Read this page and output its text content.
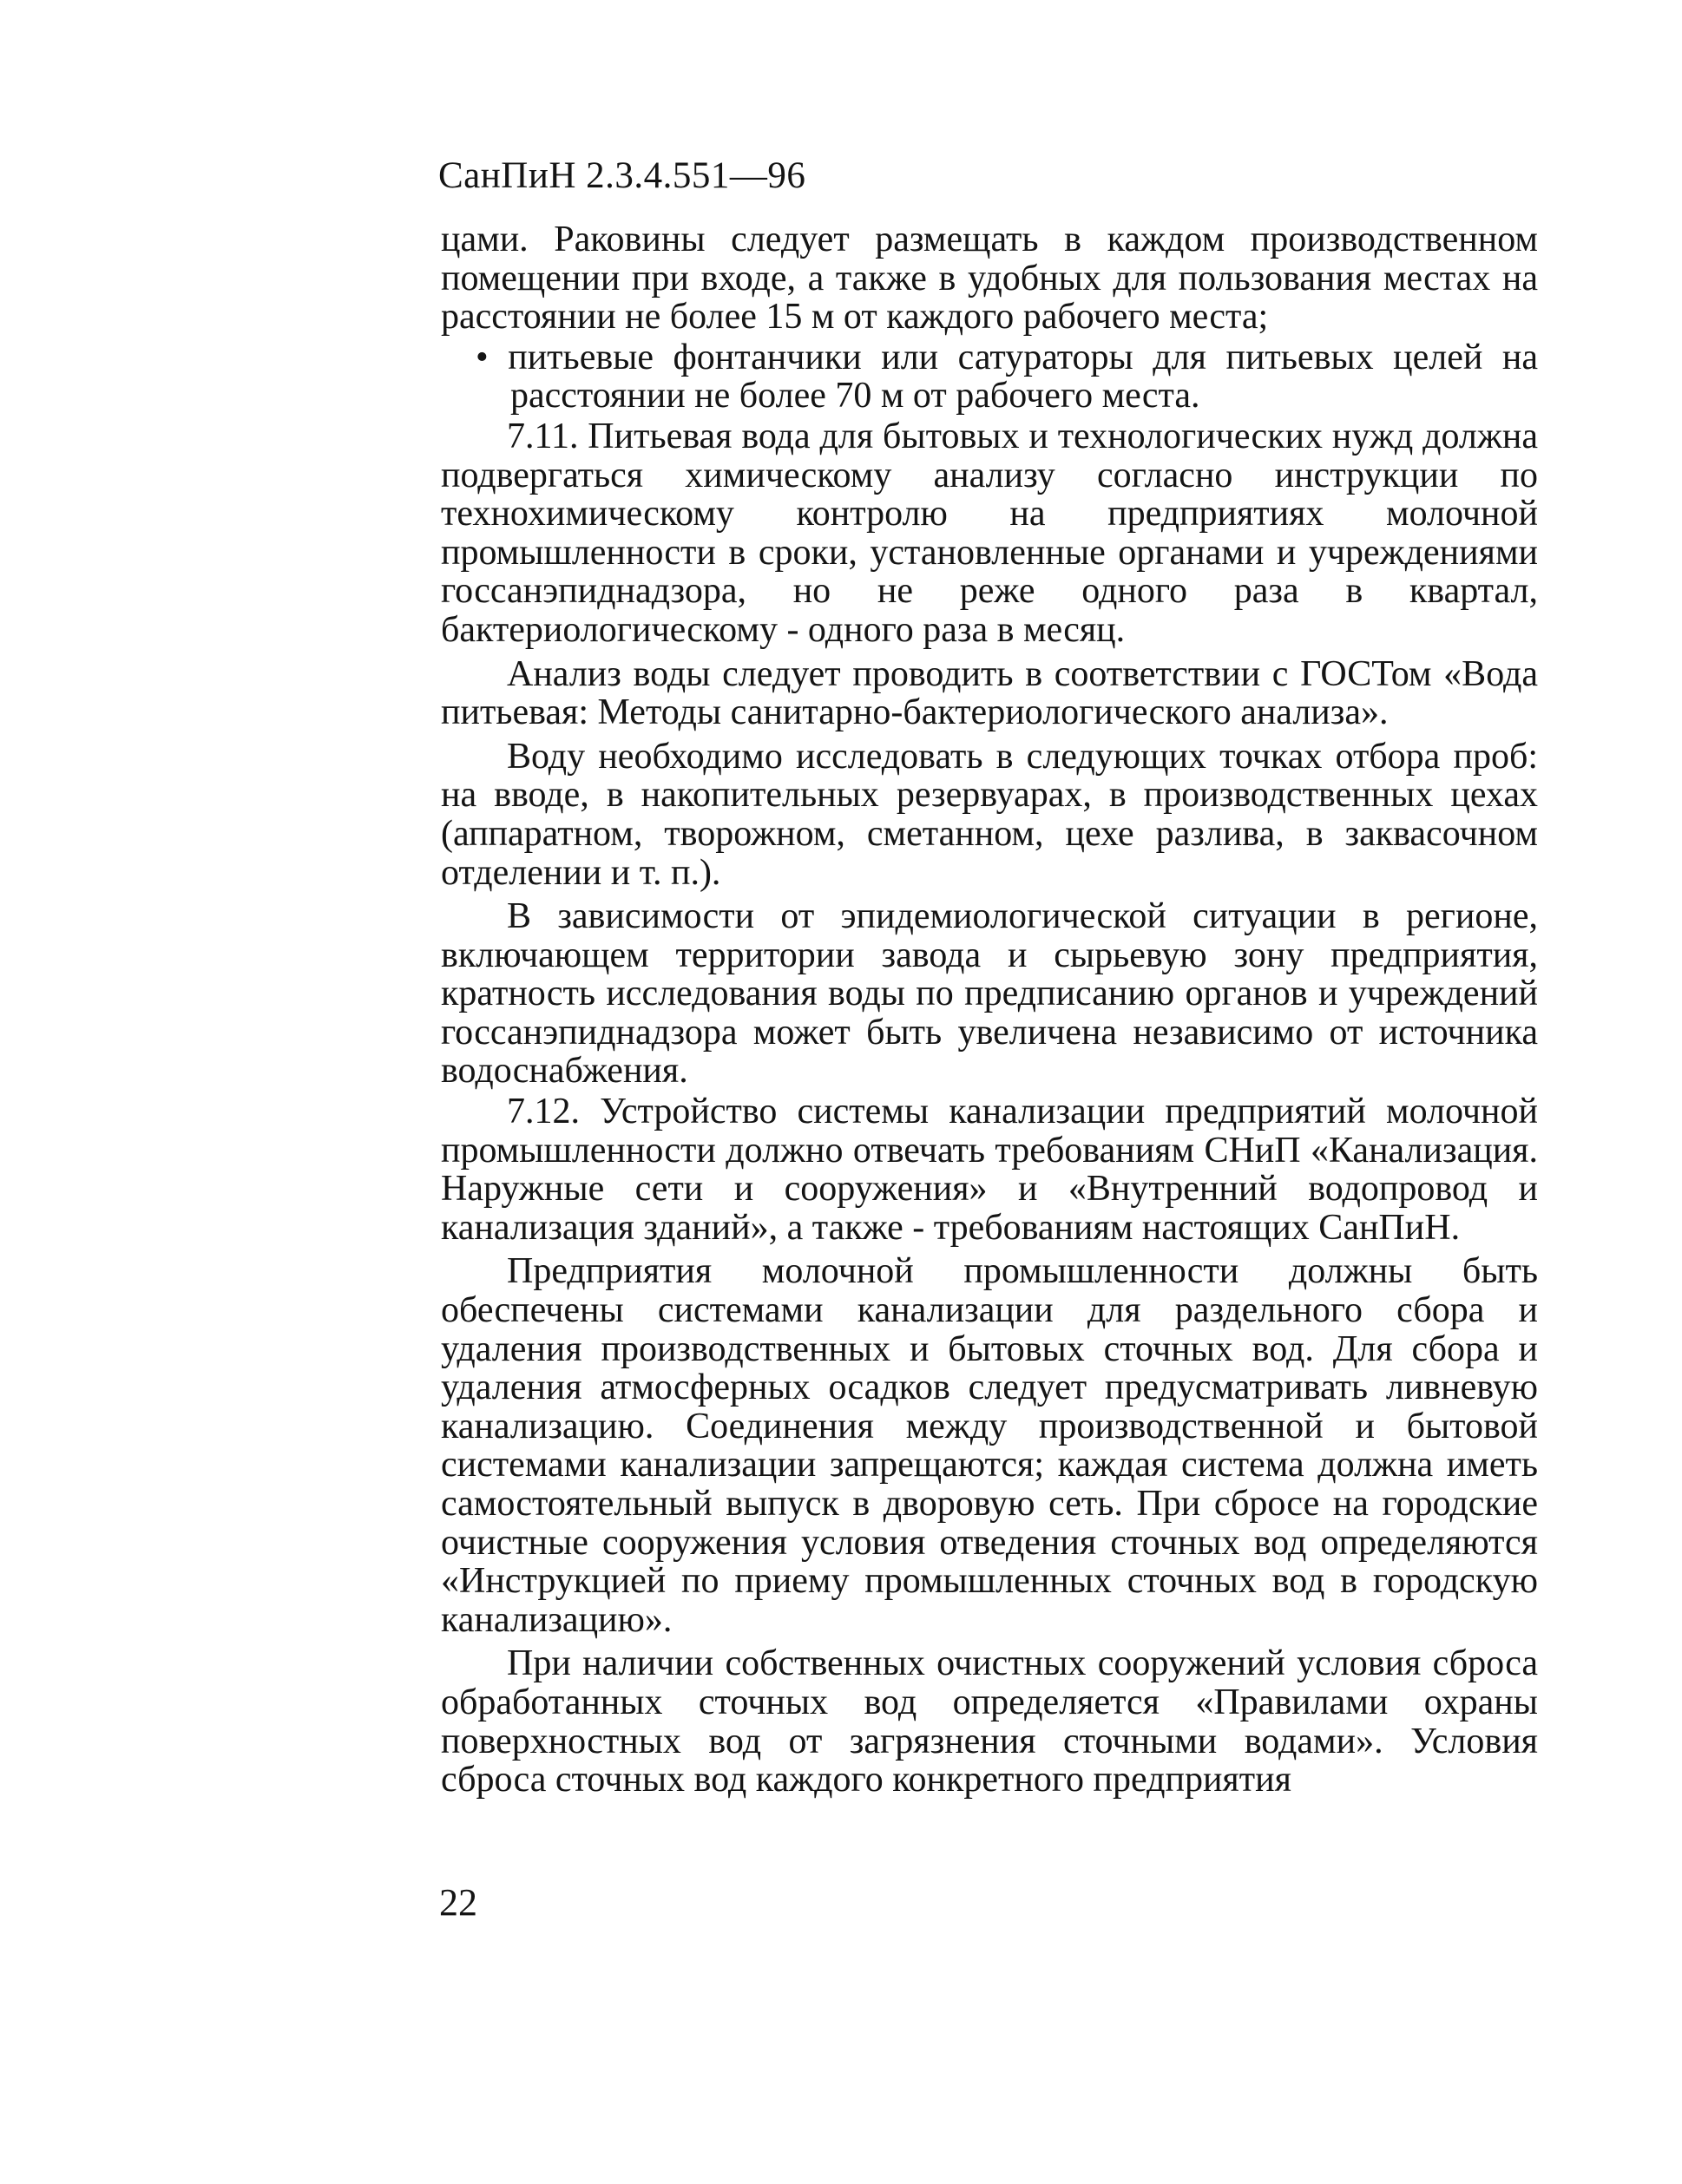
СанПиН 2.3.4.551—96

цами. Раковины следует размещать в каждом производственном помещении при входе, а также в удобных для пользования местах на расстоянии не более 15 м от каждого рабочего места;

• питьевые фонтанчики или сатураторы для питьевых целей на расстоянии не более 70 м от рабочего места.

7.11. Питьевая вода для бытовых и технологических нужд должна подвергаться химическому анализу согласно инструкции по технохимическому контролю на предприятиях молочной промышленности в сроки, установленные органами и учреждениями госсанэпиднадзора, но не реже одного раза в квартал, бактериологическому - одного раза в месяц.

Анализ воды следует проводить в соответствии с ГОСТом «Вода питьевая: Методы санитарно-бактериологического анализа».

Воду необходимо исследовать в следующих точках отбора проб: на вводе, в накопительных резервуарах, в производственных цехах (аппаратном, творожном, сметанном, цехе разлива, в заквасочном отделении и т. п.).

В зависимости от эпидемиологической ситуации в регионе, включающем территории завода и сырьевую зону предприятия, кратность исследования воды по предписанию органов и учреждений госсанэпиднадзора может быть увеличена независимо от источника водоснабжения.

7.12. Устройство системы канализации предприятий молочной промышленности должно отвечать требованиям СНиП «Канализация. Наружные сети и сооружения» и «Внутренний водопровод и канализация зданий», а также - требованиям настоящих СанПиН.

Предприятия молочной промышленности должны быть обеспечены системами канализации для раздельного сбора и удаления производственных и бытовых сточных вод. Для сбора и удаления атмосферных осадков следует предусматривать ливневую канализацию. Соединения между производственной и бытовой системами канализации запрещаются; каждая система должна иметь самостоятельный выпуск в дворовую сеть. При сбросе на городские очистные сооружения условия отведения сточных вод определяются «Инструкцией по приему промышленных сточных вод в городскую канализацию».

При наличии собственных очистных сооружений условия сброса обработанных сточных вод определяется «Правилами охраны поверхностных вод от загрязнения сточными водами». Условия сброса сточных вод каждого конкретного предприятия

22
